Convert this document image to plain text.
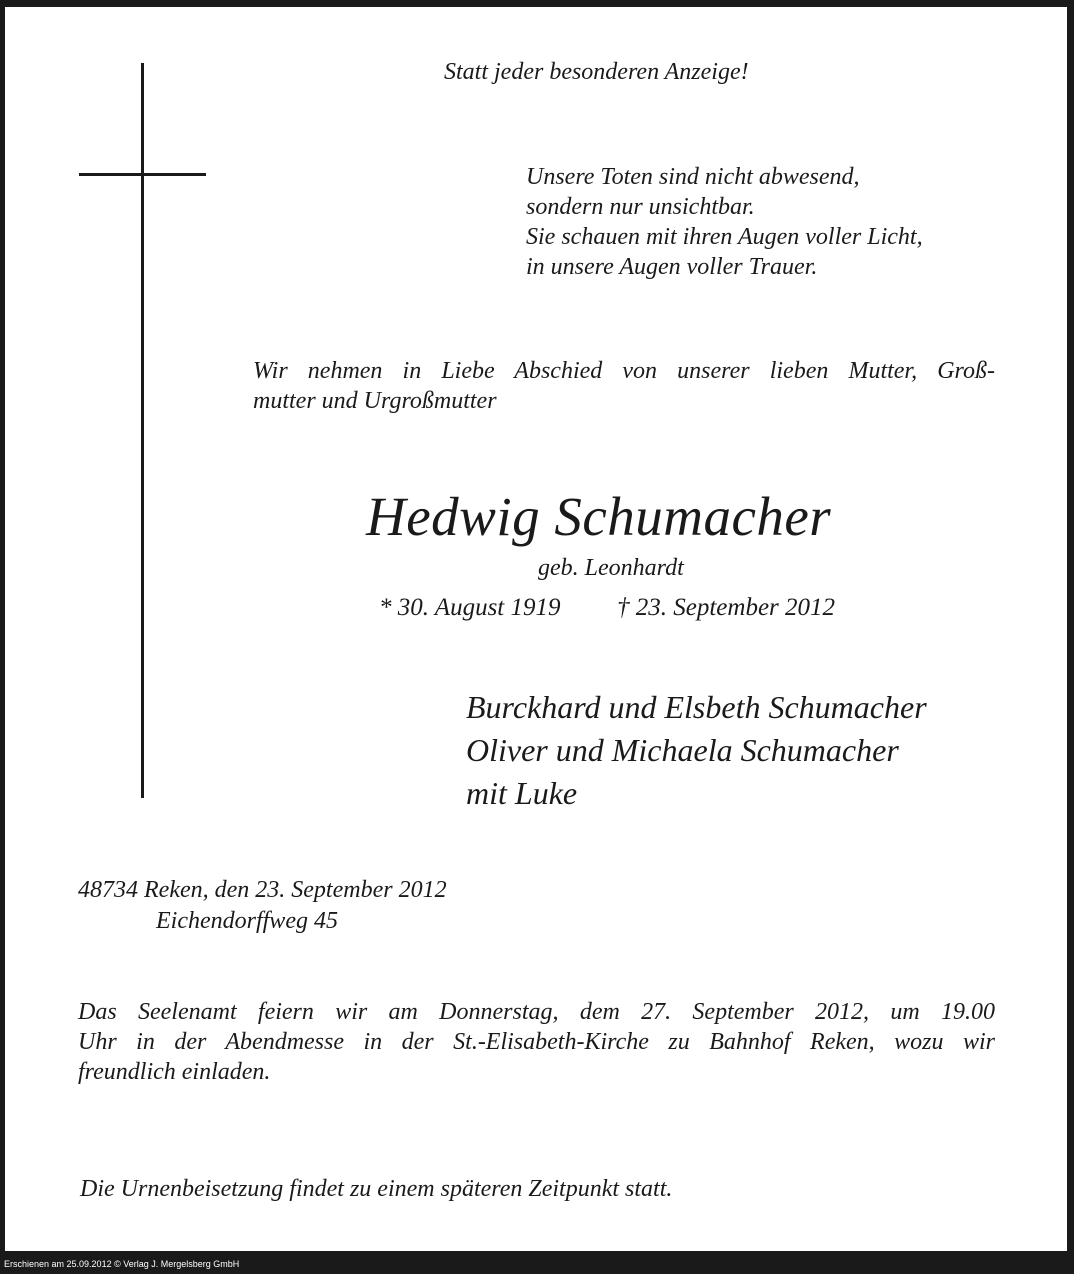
Statt jeder besonderen Anzeige!

Unsere Toten sind nicht abwesend,
sondern nur unsichtbar.
Sie schauen mit ihren Augen voller Licht,
in unsere Augen voller Trauer.
Wir nehmen in Liebe Abschied von unserer lieben Mutter, Groß-
mutter und Urgroßmutter

Hedwig Schumacher

geb. Leonhardt

* 30. August 1919 † 23. September 2012

Burckhard und Elsbeth Schumacher
Oliver und Michaela Schumacher
mit Luke
48734 Reken, den 23. September 2012
Eichendorffweg 45
Das Seelenamt feiern wir am Donnerstag, dem 27. September 2012, um 19.00
Uhr in der Abendmesse in der St.-Elisabeth-Kirche zu Bahnhof Reken, wozu wir
freundlich einladen.

Die Urnenbeisetzung findet zu einem späteren Zeitpunkt statt.

Erschienen am 25.09.2012 © Verlag J. Mergelsberg GmbH
